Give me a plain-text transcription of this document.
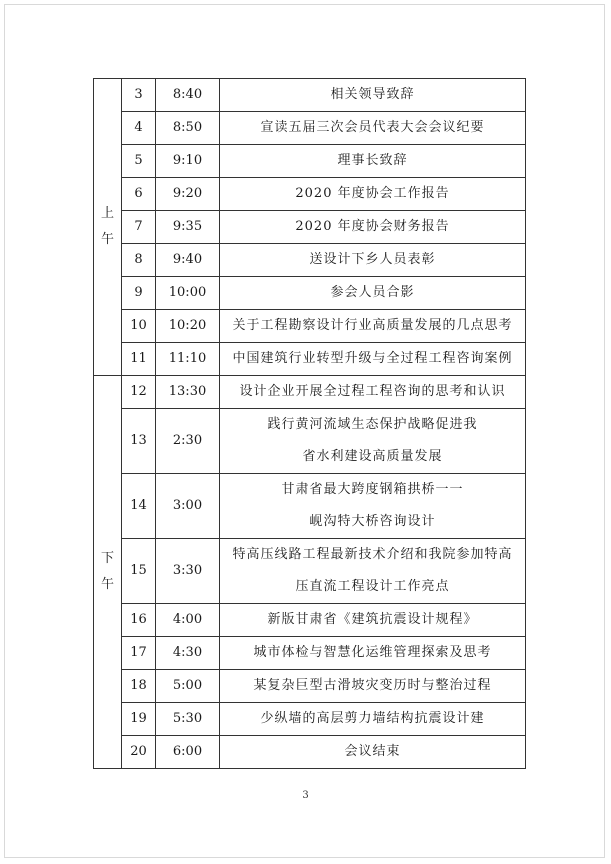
上
午	3	8:40	相关领导致辞

	4	8:50	宣读五届三次会员代表大会会议纪要

	5	9:10	理事长致辞

	6	9:20	2020 年度协会工作报告

	7	9:35	2020 年度协会财务报告

	8	9:40	送设计下乡人员表彰

	9	10:00	参会人员合影

	10	10:20	关于工程勘察设计行业高质量发展的几点思考

	11	11:10	中国建筑行业转型升级与全过程工程咨询案例

下
午	12	13:30	设计企业开展全过程工程咨询的思考和认识

	13	2:30	践行黄河流域生态保护战略促进我
省水利建设高质量发展

	14	3:00	甘肃省最大跨度钢箱拱桥一一
岘沟特大桥咨询设计

	15	3:30	特高压线路工程最新技术介绍和我院参加特高
压直流工程设计工作亮点

	16	4:00	新版甘肃省《建筑抗震设计规程》

	17	4:30	城市体检与智慧化运维管理探索及思考

	18	5:00	某复杂巨型古滑坡灾变历时与整治过程

	19	5:30	少纵墙的高层剪力墙结构抗震设计建

	20	6:00	会议结束
3
